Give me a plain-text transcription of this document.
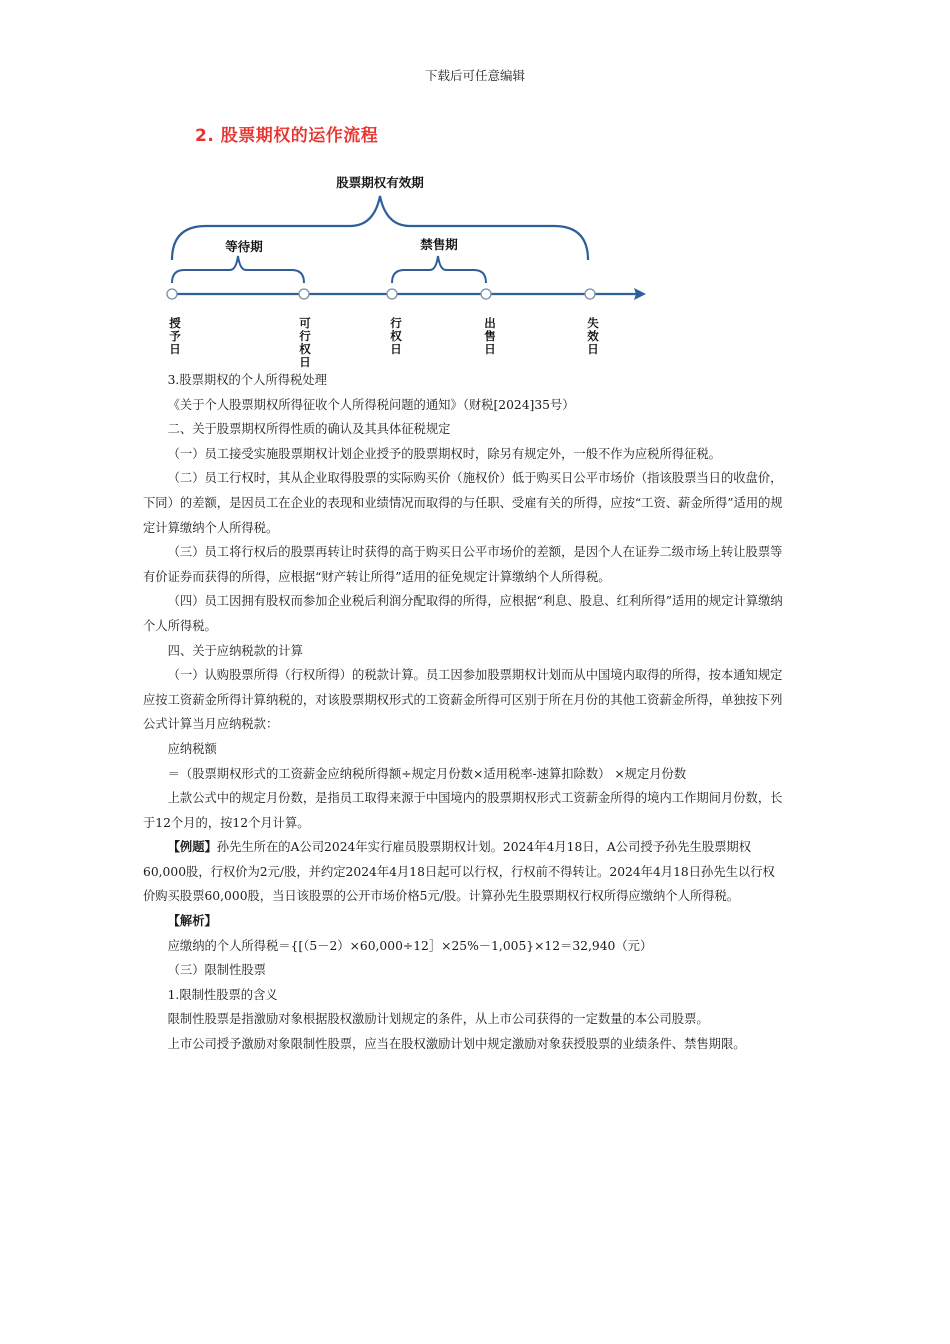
下载后可任意编辑
2. 股票期权的运作流程
股票期权有效期
等待期	禁售期
授
予
日
可
行
权
日
行
权
日
出
售
日
失
效
日

3.股票期权的个人所得税处理

《关于个人股票期权所得征收个人所得税问题的通知》（财税[2024]35号）

二、关于股票期权所得性质的确认及其具体征税规定

（一）员工接受实施股票期权计划企业授予的股票期权时，除另有规定外，一般不作为应税所得征税。

（二）员工行权时，其从企业取得股票的实际购买价（施权价）低于购买日公平市场价（指该股票当日的收盘价，下同）的差额，是因员工在企业的表现和业绩情况而取得的与任职、受雇有关的所得，应按“工资、薪金所得”适用的规定计算缴纳个人所得税。

（三）员工将行权后的股票再转让时获得的高于购买日公平市场价的差额，是因个人在证券二级市场上转让股票等有价证券而获得的所得，应根据“财产转让所得”适用的征免规定计算缴纳个人所得税。

（四）员工因拥有股权而参加企业税后利润分配取得的所得，应根据“利息、股息、红利所得”适用的规定计算缴纳个人所得税。

四、关于应纳税款的计算

（一）认购股票所得（行权所得）的税款计算。员工因参加股票期权计划而从中国境内取得的所得，按本通知规定应按工资薪金所得计算纳税的，对该股票期权形式的工资薪金所得可区别于所在月份的其他工资薪金所得，单独按下列公式计算当月应纳税款：

应纳税额

＝（股票期权形式的工资薪金应纳税所得额÷规定月份数×适用税率-速算扣除数） ×规定月份数

上款公式中的规定月份数，是指员工取得来源于中国境内的股票期权形式工资薪金所得的境内工作期间月份数，长于12个月的，按12个月计算。

【例题】孙先生所在的A公司2024年实行雇员股票期权计划。2024年4月18日，A公司授予孙先生股票期权60,000股，行权价为2元/股，并约定2024年4月18日起可以行权，行权前不得转让。2024年4月18日孙先生以行权价购买股票60,000股，当日该股票的公开市场价格5元/股。计算孙先生股票期权行权所得应缴纳个人所得税。

【解析】

应缴纳的个人所得税＝{[（5－2）×60,000÷12］×25%－1,005}×12＝32,940（元）

（三）限制性股票

1.限制性股票的含义

限制性股票是指激励对象根据股权激励计划规定的条件，从上市公司获得的一定数量的本公司股票。

上市公司授予激励对象限制性股票，应当在股权激励计划中规定激励对象获授股票的业绩条件、禁售期限。
